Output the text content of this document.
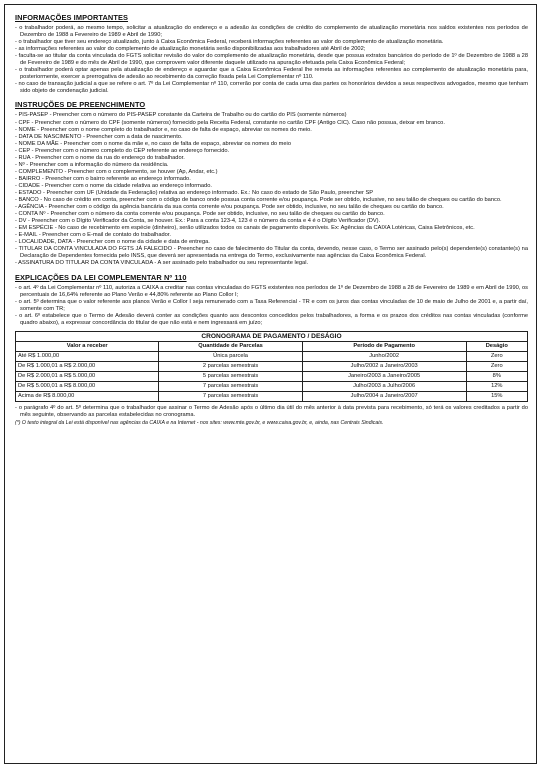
INFORMAÇÕES IMPORTANTES
- o trabalhador poderá, ao mesmo tempo, solicitar a atualização do endereço e a adesão às condições de crédito do complemento de atualização monetária nos saldos existentes nos períodos de Dezembro de 1988 a Fevereiro de 1989 e Abril de 1990;
- o trabalhador que tiver seu endereço atualizado, junto à Caixa Econômica Federal, receberá informações referentes ao valor do complemento de atualização monetária.
- as informações referentes ao valor do complemento de atualização monetária serão disponibilizadas aos trabalhadores até Abril de 2002;
- faculta-se ao titular da conta vinculada do FGTS solicitar revisão do valor do complemento de atualização monetária, desde que possua extratos bancários do período de 1º de Dezembro de 1988 a 28 de Fevereiro de 1989 e do mês de Abril de 1990, que comprovem valor diferente daquele utilizado na apuração efetuada pela Caixa Econômica Federal;
- o trabalhador poderá optar apenas pela atualização de endereço e aguardar que a Caixa Econômica Federal lhe remeta as informações referentes ao complemento de atualização monetária para, posteriormente, exercer a prerrogativa de adesão ao recebimento da correção fixada pela Lei Complementar nº 110.
- no caso de transação judicial a que se refere o art. 7º da Lei Complementar nº 110, correrão por conta de cada uma das partes os honorários devidos a seus respectivos advogados, mesmo que tenham sido objeto de condenação judicial.
INSTRUÇÕES DE PREENCHIMENTO
- PIS-PASEP - Preencher com o número do PIS-PASEP constante da Carteira de Trabalho ou do cartão do PIS (somente números)
- CPF - Preencher com o número do CPF (somente números) fornecido pela Receita Federal, constante no cartão CPF (Antigo CIC). Caso não possua, deixar em branco.
- NOME - Preencher com o nome completo do trabalhador e, no caso de falta de espaço, abreviar os nomes do meio.
- DATA DE NASCIMENTO - Preencher com a data de nascimento.
- NOME DA MÃE - Preencher com o nome da mãe e, no caso de falta de espaço, abreviar os nomes do meio
- CEP - Preencher com o número completo do CEP referente ao endereço fornecido.
- RUA - Preencher com o nome da rua do endereço do trabalhador.
- Nº - Preencher com a informação do número da residência.
- COMPLEMENTO - Preencher com o complemento, se houver (Ap, Andar, etc.)
- BAIRRO - Preencher com o bairro referente ao endereço informado.
- CIDADE - Preencher com o nome da cidade relativa ao endereço informado.
- ESTADO - Preencher com UF (Unidade da Federação) relativa ao endereço informado. Ex.: No caso do estado de São Paulo, preencher SP
- BANCO - No caso de crédito em conta, preencher com o código de banco onde possua conta corrente e/ou poupança. Pode ser obtido, inclusive, no seu talão de cheques ou cartão do banco.
- AGÊNCIA - Preencher com o código da agência bancária da sua conta corrente e/ou poupança. Pode ser obtido, inclusive, no seu talão de cheques ou cartão do banco.
- CONTA Nº - Preencher com o número da conta corrente e/ou poupança. Pode ser obtido, inclusive, no seu talão de cheques ou cartão do banco.
- DV - Preencher com o Dígito Verificador da Conta, se houver. Ex.: Para a conta 123-4, 123 é o número da conta e 4 é o Dígito Verificador (DV).
- EM ESPÉCIE - No caso de recebimento em espécie (dinheiro), serão utilizados todos os canais de pagamento disponíveis. Ex: Agências da CAIXA Lotéricas, Caixa Eletrônicos, etc.
- E-MAIL - Preencher com o E-mail de contato do trabalhador.
- LOCALIDADE, DATA - Preencher com o nome da cidade e data de entrega.
- TITULAR DA CONTA VINCULADA DO FGTS JÁ FALECIDO - Preencher no caso de falecimento do Titular da conta, devendo, nesse caso, o Termo ser assinado pelo(s) dependente(s) constante(s) na Declaração de Dependentes fornecida pelo INSS, que deverá ser apresentada na entrega do Termo, exclusivamente nas agências da Caixa Econômica Federal.
- ASSINATURA DO TITULAR DA CONTA VINCULADA - A ser assinado pelo trabalhador ou seu representante legal.
EXPLICAÇÕES DA LEI COMPLEMENTAR Nº 110
- o art. 4º da Lei Complementar nº 110, autoriza a CAIXA a creditar nas contas vinculadas do FGTS existentes nos períodos de 1º de Dezembro de 1988 a 28 de Fevereiro de 1989 e em Abril de 1990, os percentuais de 16,64% referente ao Plano Verão e 44,80% referente ao Plano Collor I;
- o art. 5º determina que o valor referente aos planos Verão e Collor I seja remunerado com a Taxa Referencial - TR e com os juros das contas vinculadas de 10 de maio de Julho de 2001 e, a partir daí, somente com TR;
- o art. 6º estabelece que o Termo de Adesão deverá conter as condições quanto aos descontos concedidos pelos trabalhadores, a forma e os prazos dos créditos nas contas vinculadas (conforme quadro abaixo), a expressar concordância do titular de que não está e nem ingressará em juízo;
CRONOGRAMA DE PAGAMENTO / DESÁGIO
Valor a receber	Quantidade de Parcelas	Período de Pagamento	Deságio
Até R$ 1.000,00	Única parcela	Junho/2002	Zero
De R$ 1.000,01 a R$ 2.000,00	2 parcelas semestrais	Julho/2002 a Janeiro/2003	Zero
De R$ 2.000,01 a R$ 5.000,00	5 parcelas semestrais	Janeiro/2003 a Janeiro/2005	8%
De R$ 5.000,01 a R$ 8.000,00	7 parcelas semestrais	Julho/2003 a Julho/2006	12%
Acima de R$ 8.000,00	7 parcelas semestrais	Julho/2004 a Janeiro/2007	15%
- o parágrafo 4º do art. 5º determina que o trabalhador que assinar o Termo de Adesão após o último dia útil do mês anterior à data prevista para recebimento, só terá os valores creditados a partir do mês seguinte, observando as parcelas estabelecidas no cronograma.
(*) O texto integral da Lei está disponível nas agências da CAIXA e na Internet - nos sites: www.mte.gov.br, e www.caixa.gov.br, e, ainda, nas Centrais Sindicais.
